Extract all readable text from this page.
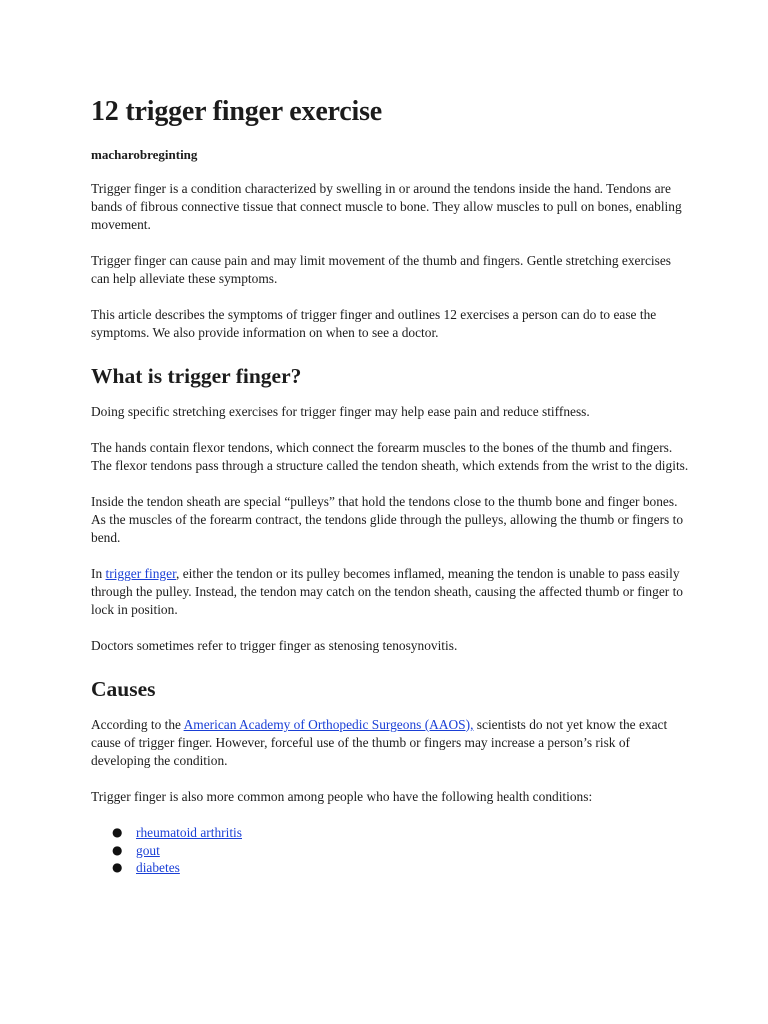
12 trigger finger exercise
macharobreginting

Trigger finger is a condition characterized by swelling in or around the tendons inside the hand. Tendons are bands of fibrous connective tissue that connect muscle to bone. They allow muscles to pull on bones, enabling movement.

Trigger finger can cause pain and may limit movement of the thumb and fingers. Gentle stretching exercises can help alleviate these symptoms.

This article describes the symptoms of trigger finger and outlines 12 exercises a person can do to ease the symptoms. We also provide information on when to see a doctor.

What is trigger finger?

Doing specific stretching exercises for trigger finger may help ease pain and reduce stiffness.

The hands contain flexor tendons, which connect the forearm muscles to the bones of the thumb and fingers. The flexor tendons pass through a structure called the tendon sheath, which extends from the wrist to the digits.

Inside the tendon sheath are special “pulleys” that hold the tendons close to the thumb bone and finger bones. As the muscles of the forearm contract, the tendons glide through the pulleys, allowing the thumb or fingers to bend.

In trigger finger, either the tendon or its pulley becomes inflamed, meaning the tendon is unable to pass easily through the pulley. Instead, the tendon may catch on the tendon sheath, causing the affected thumb or finger to lock in position.

Doctors sometimes refer to trigger finger as stenosing tenosynovitis.

Causes

According to the American Academy of Orthopedic Surgeons (AAOS), scientists do not yet know the exact cause of trigger finger. However, forceful use of the thumb or fingers may increase a person’s risk of developing the condition.

Trigger finger is also more common among people who have the following health conditions:

● rheumatoid arthritis
● gout
● diabetes
